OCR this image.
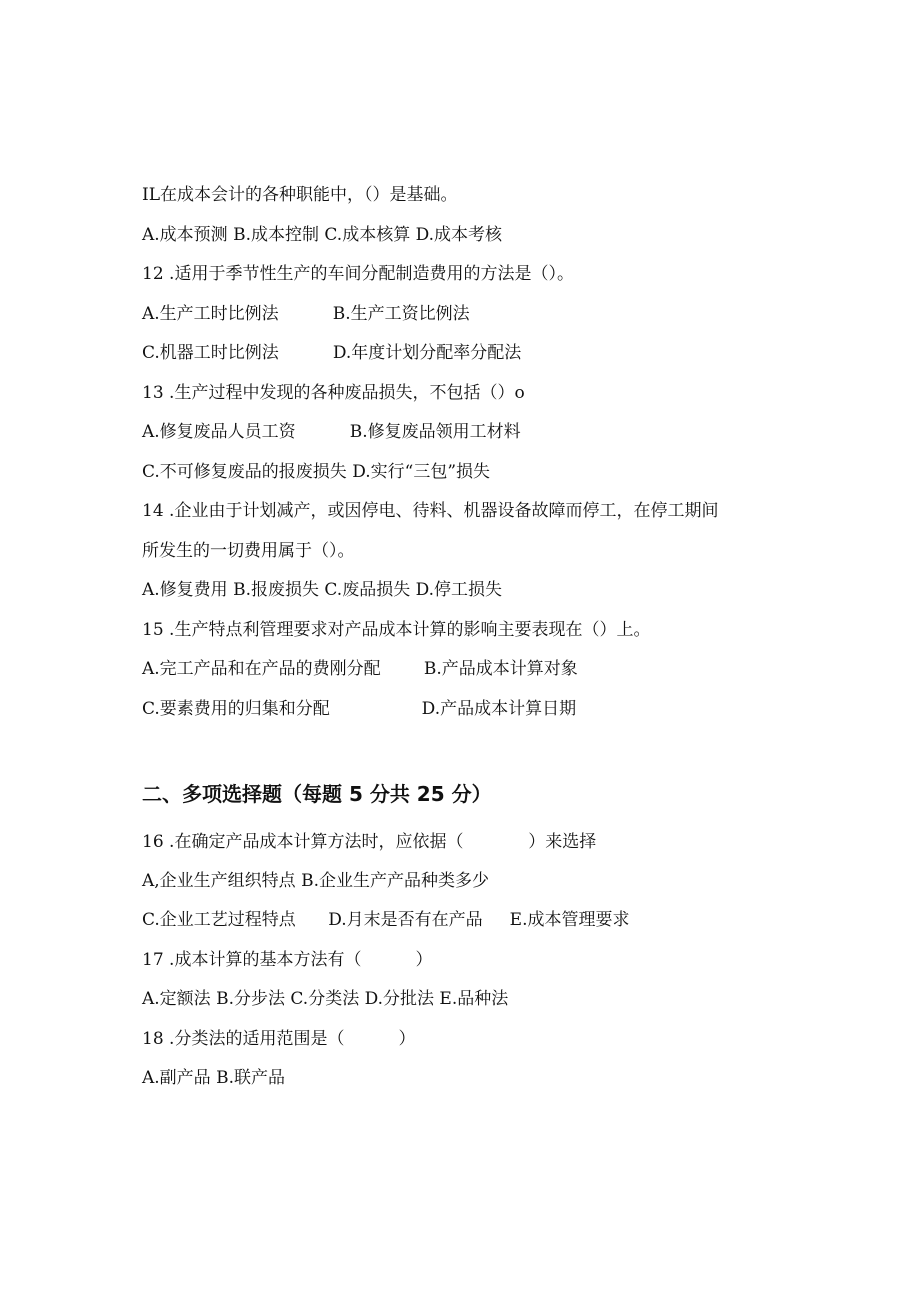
IL在成本会计的各种职能中，（）是基础。
A.成本预测 B.成本控制 C.成本核算 D.成本考核
12 .适用于季节性生产的车间分配制造费用的方法是（）。
A.生产工时比例法          B.生产工资比例法
C.机器工时比例法          D.年度计划分配率分配法
13 .生产过程中发现的各种废品损失，不包括（）o
A.修复废品人员工资          B.修复废品领用工材料
C.不可修复废品的报废损失 D.实行“三包”损失
14 .企业由于计划减产，或因停电、待料、机器设备故障而停工，在停工期间
所发生的一切费用属于（）。
A.修复费用 B.报废损失 C.废品损失 D.停工损失
15 .生产特点利管理要求对产品成本计算的影响主要表现在（）上。
A.完工产品和在产品的费刚分配        B.产品成本计算对象
C.要素费用的归集和分配                 D.产品成本计算日期
二、多项选择题（每题 5 分共 25 分）
16 .在确定产品成本计算方法时，应依据（            ）来选择
A,企业生产组织特点 B.企业生产产品种类多少
C.企业工艺过程特点      D.月末是否有在产品     E.成本管理要求
17 .成本计算的基本方法有（          ）
A.定额法 B.分步法 C.分类法 D.分批法 E.品种法
18 .分类法的适用范围是（          ）
A.副产品 B.联产品
